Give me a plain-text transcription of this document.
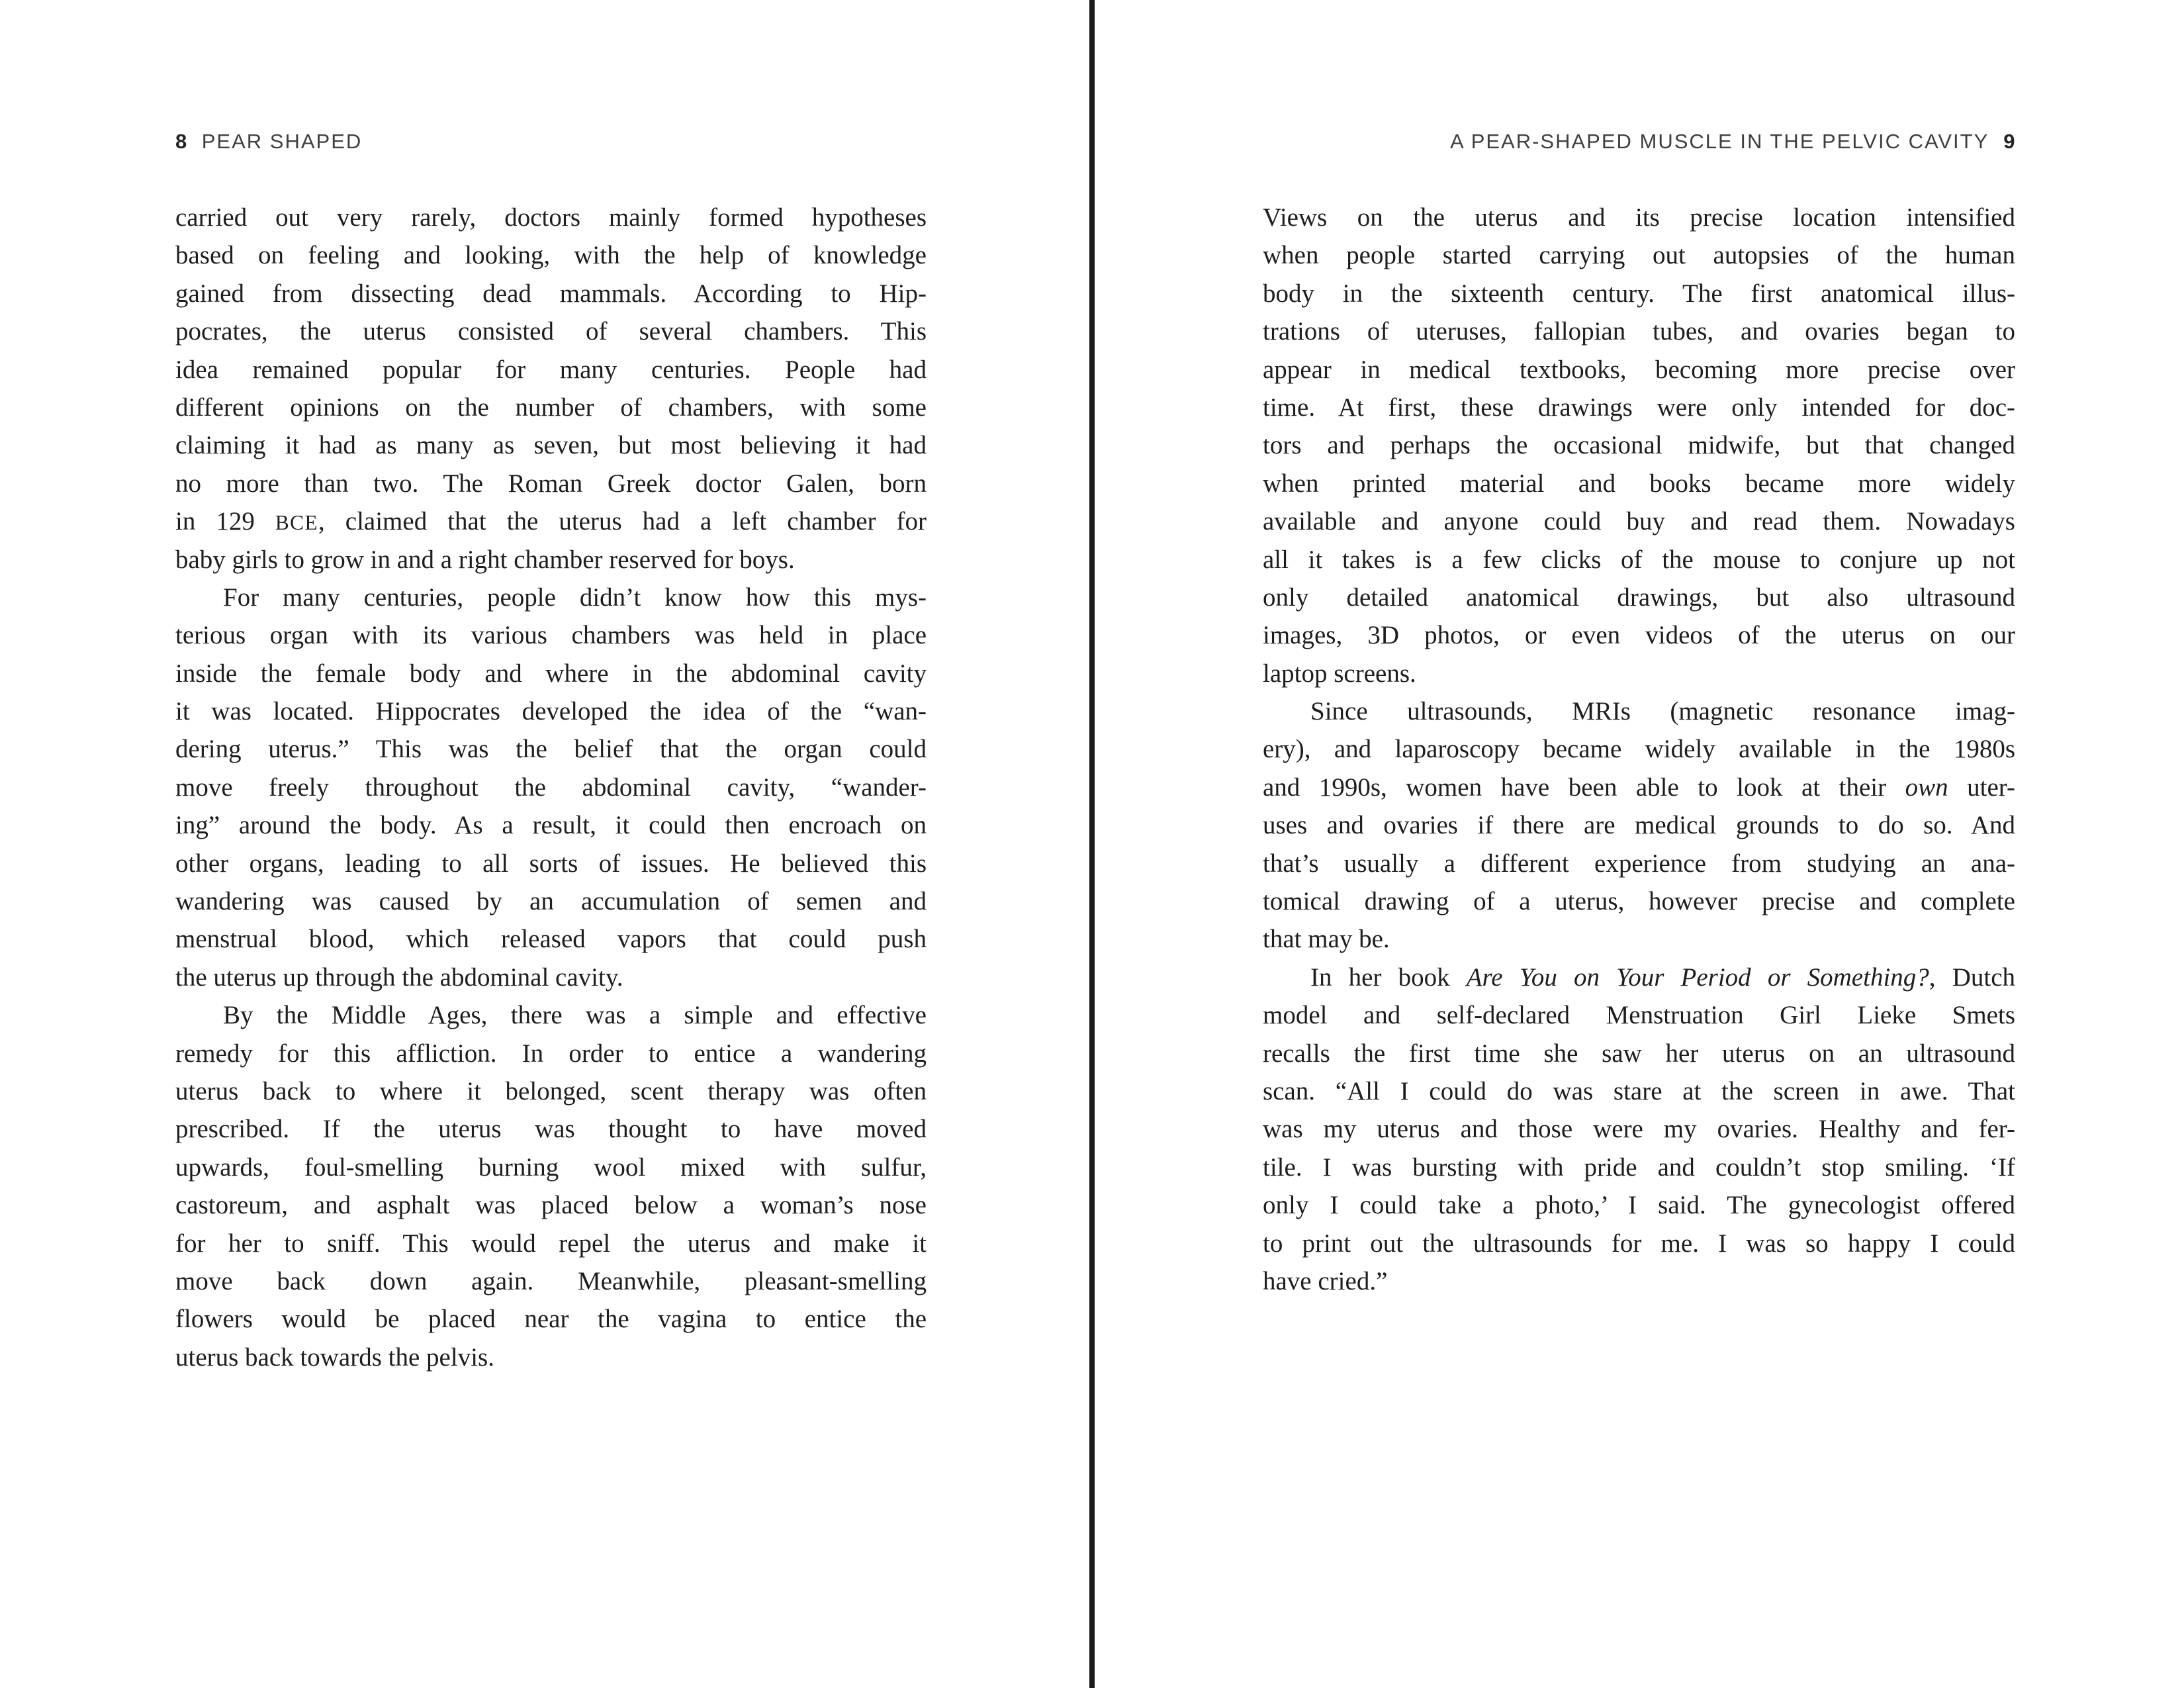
8 PEAR SHAPED
carried out very rarely, doctors mainly formed hypotheses
based on feeling and looking, with the help of knowledge
gained from dissecting dead mammals. According to Hip-
pocrates, the uterus consisted of several chambers. This
idea remained popular for many centuries. People had
different opinions on the number of chambers, with some
claiming it had as many as seven, but most believing it had
no more than two. The Roman Greek doctor Galen, born
in 129 BCE, claimed that the uterus had a left chamber for
baby girls to grow in and a right chamber reserved for boys.
For many centuries, people didn’t know how this mys-
terious organ with its various chambers was held in place
inside the female body and where in the abdominal cavity
it was located. Hippocrates developed the idea of the “wan-
dering uterus.” This was the belief that the organ could
move freely throughout the abdominal cavity, “wander-
ing” around the body. As a result, it could then encroach on
other organs, leading to all sorts of issues. He believed this
wandering was caused by an accumulation of semen and
menstrual blood, which released vapors that could push
the uterus up through the abdominal cavity.
By the Middle Ages, there was a simple and effective
remedy for this affliction. In order to entice a wandering
uterus back to where it belonged, scent therapy was often
prescribed. If the uterus was thought to have moved
upwards, foul-smelling burning wool mixed with sulfur,
castoreum, and asphalt was placed below a woman’s nose
for her to sniff. This would repel the uterus and make it
move back down again. Meanwhile, pleasant-smelling
flowers would be placed near the vagina to entice the
uterus back towards the pelvis.
A PEAR-SHAPED MUSCLE IN THE PELVIC CAVITY 9
Views on the uterus and its precise location intensified
when people started carrying out autopsies of the human
body in the sixteenth century. The first anatomical illus-
trations of uteruses, fallopian tubes, and ovaries began to
appear in medical textbooks, becoming more precise over
time. At first, these drawings were only intended for doc-
tors and perhaps the occasional midwife, but that changed
when printed material and books became more widely
available and anyone could buy and read them. Nowadays
all it takes is a few clicks of the mouse to conjure up not
only detailed anatomical drawings, but also ultrasound
images, 3D photos, or even videos of the uterus on our
laptop screens.
Since ultrasounds, MRIs (magnetic resonance imag-
ery), and laparoscopy became widely available in the 1980s
and 1990s, women have been able to look at their own uter-
uses and ovaries if there are medical grounds to do so. And
that’s usually a different experience from studying an ana-
tomical drawing of a uterus, however precise and complete
that may be.
In her book Are You on Your Period or Something?, Dutch
model and self-declared Menstruation Girl Lieke Smets
recalls the first time she saw her uterus on an ultrasound
scan. “All I could do was stare at the screen in awe. That
was my uterus and those were my ovaries. Healthy and fer-
tile. I was bursting with pride and couldn’t stop smiling. ‘If
only I could take a photo,’ I said. The gynecologist offered
to print out the ultrasounds for me. I was so happy I could
have cried.”
